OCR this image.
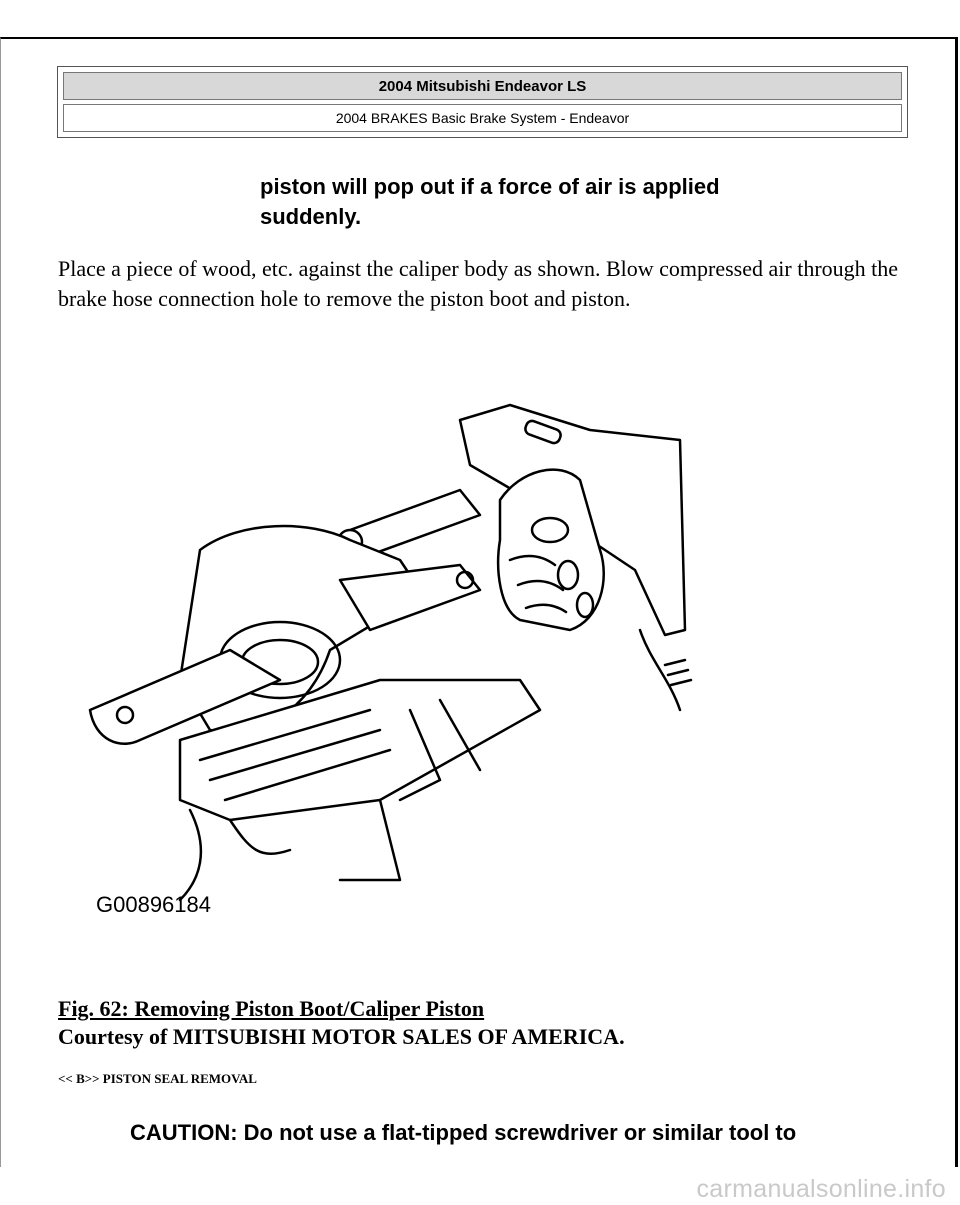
2004 Mitsubishi Endeavor LS
2004 BRAKES Basic Brake System - Endeavor
piston will pop out if a force of air is applied suddenly.
Place a piece of wood, etc. against the caliper body as shown. Blow compressed air through the brake hose connection hole to remove the piston boot and piston.
G00896184
Fig. 62: Removing Piston Boot/Caliper Piston
Courtesy of MITSUBISHI MOTOR SALES OF AMERICA.
<< B>> PISTON SEAL REMOVAL
CAUTION: Do not use a flat-tipped screwdriver or similar tool to
carmanualsonline.info
